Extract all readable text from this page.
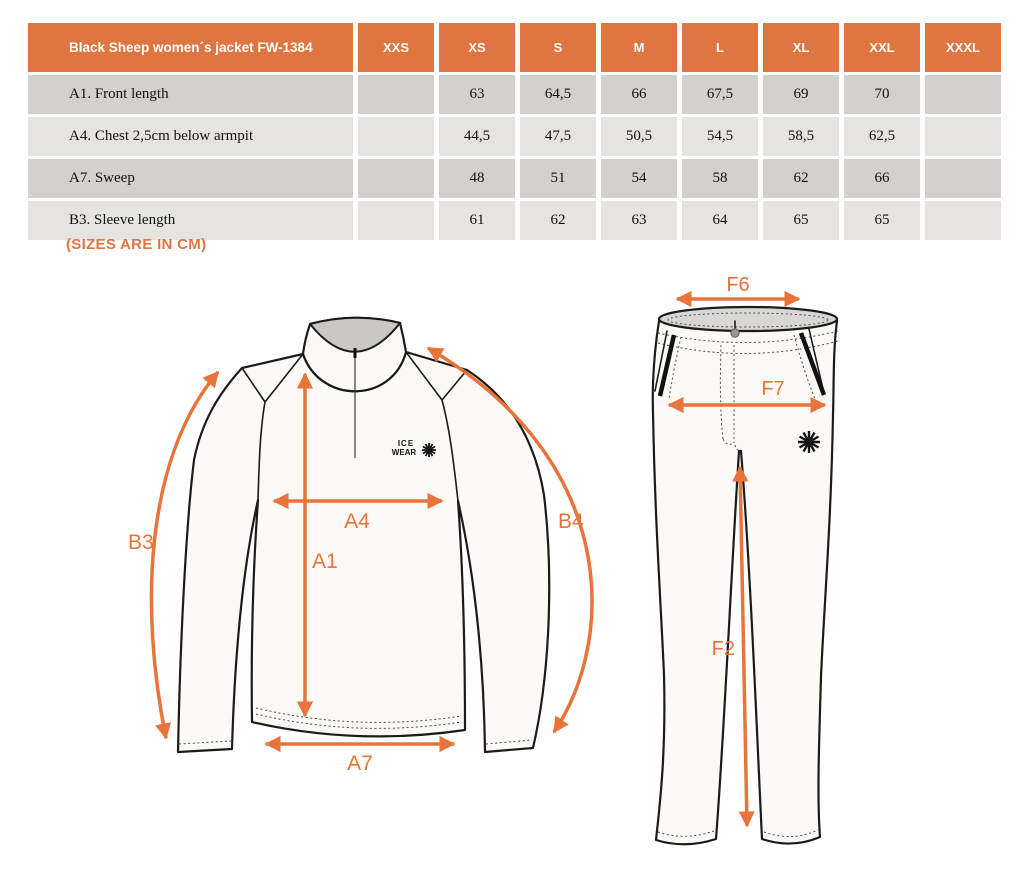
Black Sheep women´s jacket FW-1384	XXS	XS	S	M	L	XL	XXL	XXXL
A1. Front length		63	64,5	66	67,5	69	70	
A4. Chest 2,5cm below armpit		44,5	47,5	50,5	54,5	58,5	62,5	
A7. Sweep		48	51	54	58	62	66	
B3. Sleeve length		61	62	63	64	65	65	
(SIZES ARE IN CM)
ICE
WEAR
A1
A4
A7
B3
B4
F6
F7
F2
